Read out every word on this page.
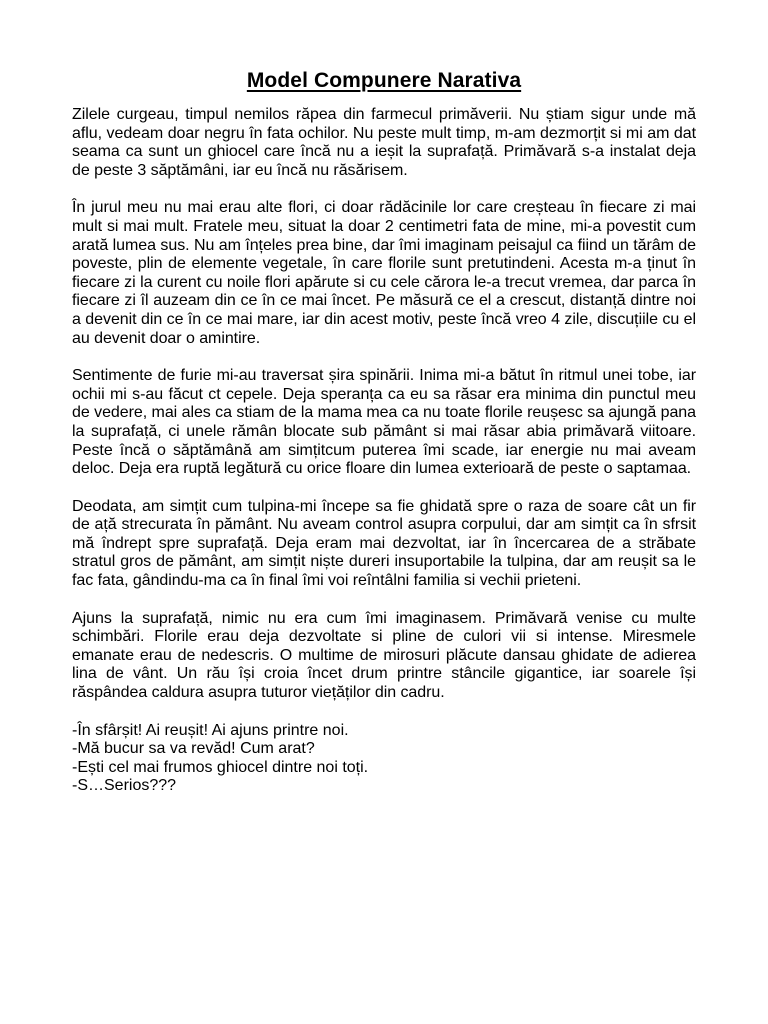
Model Compunere Narativa

Zilele curgeau, timpul nemilos răpea din farmecul primăverii. Nu știam sigur unde mă aflu, vedeam doar negru în fata ochilor. Nu peste mult timp, m-am dezmorțit si mi am dat seama ca sunt un ghiocel care încă nu a ieșit la suprafață. Primăvară s-a instalat deja de peste 3 săptămâni, iar eu încă nu răsărisem.

În jurul meu nu mai erau alte flori, ci doar rădăcinile lor care creșteau în fiecare zi mai mult si mai mult. Fratele meu, situat la doar 2 centimetri fata de mine, mi-a povestit cum arată lumea sus. Nu am înțeles prea bine, dar îmi imaginam peisajul ca fiind un tărâm de poveste, plin de elemente vegetale, în care florile sunt pretutindeni. Acesta m-a ținut în fiecare zi la curent cu noile flori apărute si cu cele cărora le-a trecut vremea, dar parca în fiecare zi îl auzeam din ce în ce mai încet. Pe măsură ce el a crescut, distanță dintre noi a devenit din ce în ce mai mare, iar din acest motiv, peste încă vreo 4 zile, discuțiile cu el au devenit doar o amintire.

Sentimente de furie mi-au traversat șira spinării. Inima mi-a bătut în ritmul unei tobe, iar ochii mi s-au făcut ct cepele. Deja speranța ca eu sa răsar era minima din punctul meu de vedere, mai ales ca stiam de la mama mea ca nu toate florile reușesc sa ajungă pana la suprafață, ci unele rămân blocate sub pământ si mai răsar abia primăvară viitoare. Peste încă o săptămână am simțitcum puterea îmi scade, iar energie nu mai aveam deloc. Deja era ruptă legătură cu orice floare din lumea exterioară de peste o saptamaa.

Deodata, am simțit cum tulpina-mi începe sa fie ghidată spre o raza de soare cât un fir de ață strecurata în pământ. Nu aveam control asupra corpului, dar am simțit ca în sfrsit mă îndrept spre suprafață. Deja eram mai dezvoltat, iar în încercarea de a străbate stratul gros de pământ, am simțit niște dureri insuportabile la tulpina, dar am reușit sa le fac fata, gândindu-ma ca în final îmi voi reîntâlni familia si vechii prieteni.

Ajuns la suprafață, nimic nu era cum îmi imaginasem. Primăvară venise cu multe schimbări. Florile erau deja dezvoltate si pline de culori vii si intense. Miresmele emanate erau de nedescris. O multime de mirosuri plăcute dansau ghidate de adierea lina de vânt. Un rău își croia încet drum printre stâncile gigantice, iar soarele își răspândea caldura asupra tuturor viețăților din cadru.

-În sfârșit! Ai reușit! Ai ajuns printre noi.
-Mă bucur sa va revăd! Cum arat?
-Ești cel mai frumos ghiocel dintre noi toți.
-S…Serios???
